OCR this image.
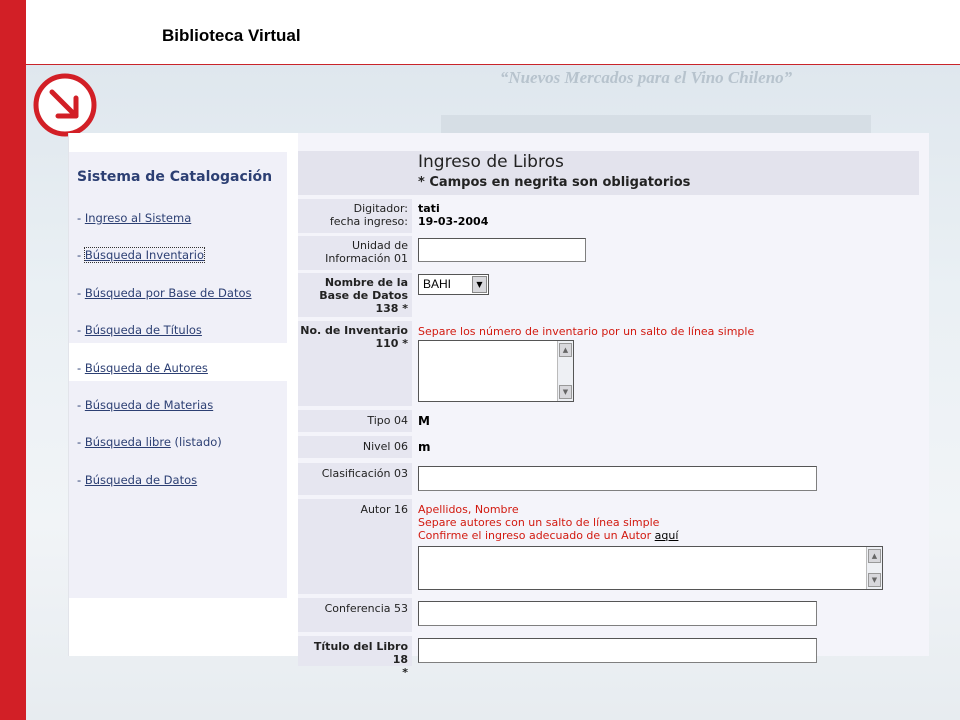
“Nuevos Mercados para el Vino Chileno”
Biblioteca Virtual
Sistema de Catalogación
- Ingreso al Sistema
- Búsqueda Inventario
- Búsqueda por Base de Datos
- Búsqueda de Títulos
- Búsqueda de Autores
- Búsqueda de Materias
- Búsqueda libre (listado)
- Búsqueda de Datos
Ingreso de Libros
* Campos en negrita son obligatorios
Digitador:
fecha ingreso:
tati
19-03-2004
Unidad de
Información 01
Nombre de la
Base de Datos
138 *
BAHI	▼
No. de Inventario
110 *
Separe los número de inventario por un salto de línea simple
▲
▼
Tipo 04 M
Nivel 06 m
Clasificación 03
Autor 16 Apellidos, Nombre
Separe autores con un salto de línea simple
Confirme el ingreso adecuado de un Autor aquí
▲
▼
Conferencia 53
Título del Libro 18
*
